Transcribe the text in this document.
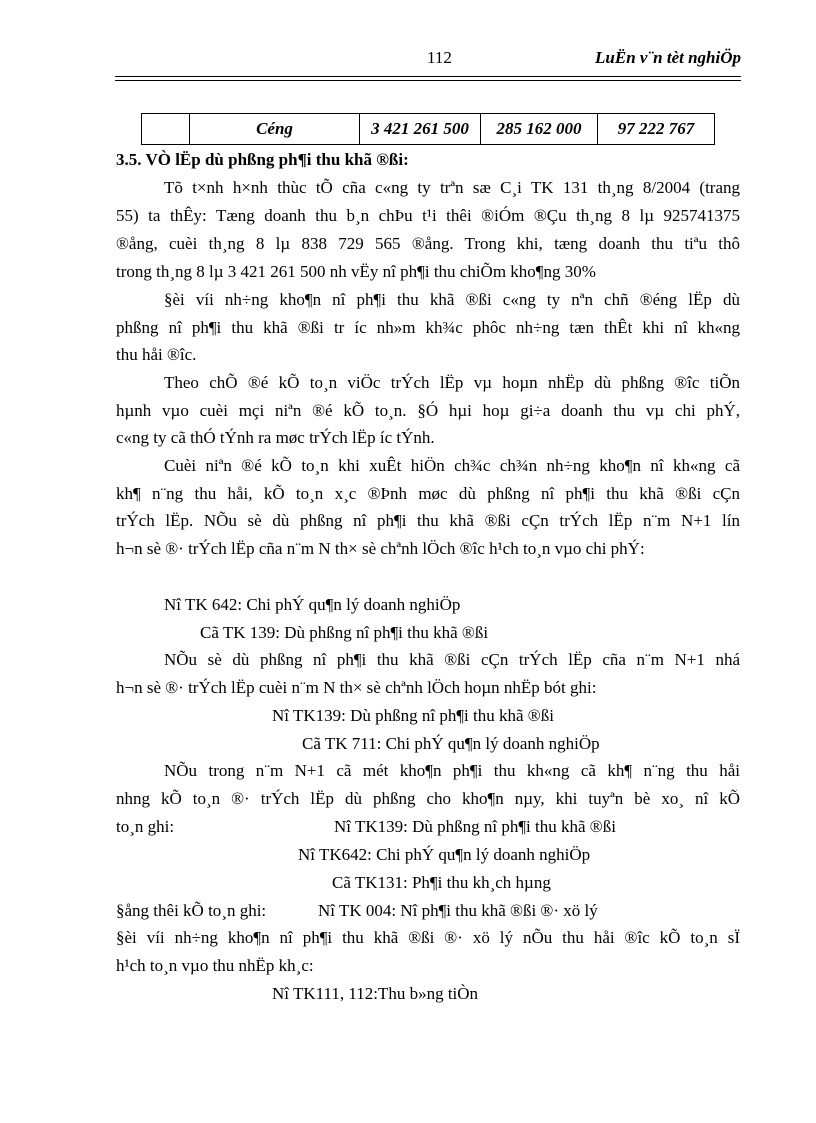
112	LuËn v¨n tèt nghiÖp
	Céng	3 421 261 500	285 162 000	97 222 767
3.5. VÒ lËp dù phßng ph¶i thu khã ®ßi:
Tõ t×nh h×nh thùc tÕ cña c«ng ty trªn sæ C¸i TK 131 th¸ng 8/2004 (trang
55) ta thÊy: Tæng doanh thu b¸n chÞu t¹i thêi ®iÓm ®Çu th¸ng 8 lµ 925741375
®ång, cuèi th¸ng 8 lµ 838 729 565 ®ång. Trong khi, tæng doanh thu tiªu thô
trong th¸ng 8 lµ 3 421 261 500 nh vËy nî ph¶i thu chiÕm kho¶ng 30%
§èi víi nh÷ng kho¶n nî ph¶i thu khã ®ßi c«ng ty nªn chñ ®éng lËp dù
phßng nî ph¶i thu khã ®ßi tr íc nh»m kh¾c phôc nh÷ng tæn thÊt khi nî kh«ng
thu håi ®îc.
Theo chÕ ®é kÕ to¸n viÖc trÝch lËp vµ hoµn nhËp dù phßng ®îc tiÕn
hµnh vµo cuèi mçi niªn ®é kÕ to¸n. §Ó hµi hoµ gi÷a doanh thu vµ chi phÝ,
c«ng ty cã thÓ tÝnh ra møc trÝch lËp íc tÝnh.
Cuèi niªn ®é kÕ to¸n khi xuÊt hiÖn ch¾c ch¾n nh÷ng kho¶n nî kh«ng cã
kh¶ n¨ng thu håi, kÕ to¸n x¸c ®Þnh møc dù phßng nî ph¶i thu khã ®ßi cÇn
trÝch lËp. NÕu sè dù phßng nî ph¶i thu khã ®ßi cÇn trÝch lËp n¨m N+1 lín
h¬n sè ®· trÝch lËp cña n¨m N th× sè chªnh lÖch ®îc h¹ch to¸n vµo chi phÝ:
Nî TK 642: Chi phÝ qu¶n lý doanh nghiÖp
Cã TK 139: Dù phßng nî ph¶i thu khã ®ßi
NÕu sè dù phßng nî ph¶i thu khã ®ßi cÇn trÝch lËp cña n¨m N+1 nhá
h¬n sè ®· trÝch lËp cuèi n¨m N th× sè chªnh lÖch hoµn nhËp bót ghi:
Nî TK139: Dù phßng nî ph¶i thu khã ®ßi
Cã TK 711: Chi phÝ qu¶n lý doanh nghiÖp
NÕu trong n¨m N+1 cã mét kho¶n ph¶i thu kh«ng cã kh¶ n¨ng thu håi
nhng kÕ to¸n ®· trÝch lËp dù phßng cho kho¶n nµy, khi tuyªn bè xo¸ nî kÕ
to¸n ghi:	Nî TK139: Dù phßng nî ph¶i thu khã ®ßi
Nî TK642: Chi phÝ qu¶n lý doanh nghiÖp
Cã TK131: Ph¶i thu kh¸ch hµng
§ång thêi kÕ to¸n ghi:	Nî TK 004: Nî ph¶i thu khã ®ßi ®· xö lý
§èi víi nh÷ng kho¶n nî ph¶i thu khã ®ßi ®· xö lý nÕu thu håi ®îc kÕ to¸n sÏ
h¹ch to¸n vµo thu nhËp kh¸c:
Nî TK111, 112:Thu b»ng tiÒn
